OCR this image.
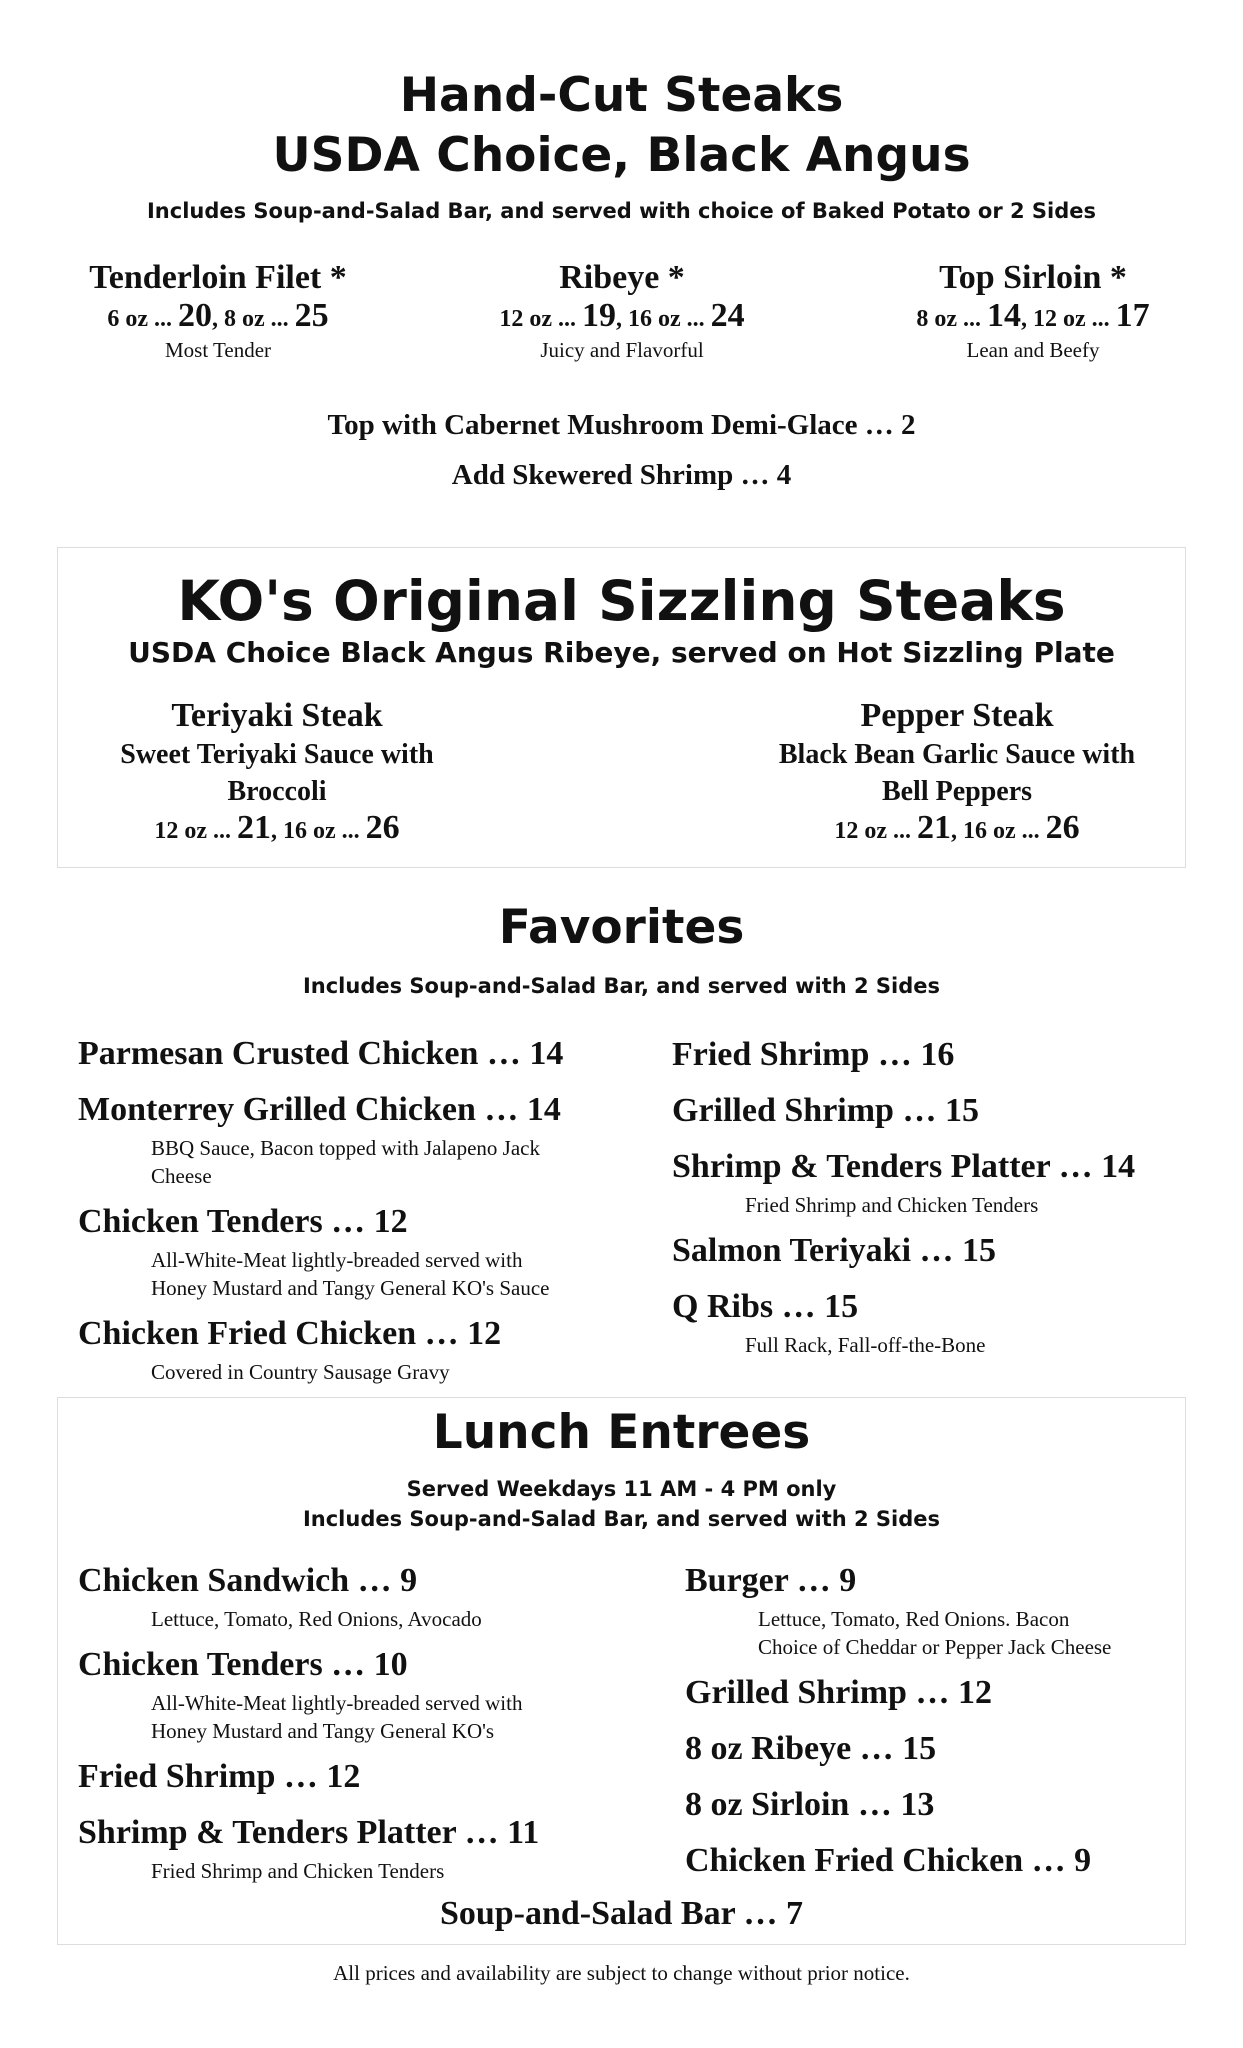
Hand-Cut Steaks
USDA Choice, Black Angus
Includes Soup-and-Salad Bar, and served with choice of Baked Potato or 2 Sides
Tenderloin Filet *
6 oz ... 20, 8 oz ... 25
Most Tender
Ribeye *
12 oz ... 19, 16 oz ... 24
Juicy and Flavorful
Top Sirloin *
8 oz ... 14, 12 oz ... 17
Lean and Beefy
Top with Cabernet Mushroom Demi-Glace … 2
Add Skewered Shrimp … 4
KO's Original Sizzling Steaks
USDA Choice Black Angus Ribeye, served on Hot Sizzling Plate
Teriyaki Steak
Sweet Teriyaki Sauce with
Broccoli
12 oz ... 21, 16 oz ... 26
Pepper Steak
Black Bean Garlic Sauce with
Bell Peppers
12 oz ... 21, 16 oz ... 26
Favorites
Includes Soup-and-Salad Bar, and served with 2 Sides
Parmesan Crusted Chicken … 14
Monterrey Grilled Chicken … 14
BBQ Sauce, Bacon topped with Jalapeno Jack
Cheese
Chicken Tenders … 12
All-White-Meat lightly-breaded served with
Honey Mustard and Tangy General KO's Sauce
Chicken Fried Chicken … 12
Covered in Country Sausage Gravy
Fried Shrimp … 16
Grilled Shrimp … 15
Shrimp & Tenders Platter … 14
Fried Shrimp and Chicken Tenders
Salmon Teriyaki … 15
Q Ribs … 15
Full Rack, Fall-off-the-Bone
Lunch Entrees
Served Weekdays 11 AM - 4 PM only
Includes Soup-and-Salad Bar, and served with 2 Sides
Chicken Sandwich … 9
Lettuce, Tomato, Red Onions, Avocado
Chicken Tenders … 10
All-White-Meat lightly-breaded served with
Honey Mustard and Tangy General KO's
Fried Shrimp … 12
Shrimp & Tenders Platter … 11
Fried Shrimp and Chicken Tenders
Burger … 9
Lettuce, Tomato, Red Onions. Bacon
Choice of Cheddar or Pepper Jack Cheese
Grilled Shrimp … 12
8 oz Ribeye … 15
8 oz Sirloin … 13
Chicken Fried Chicken … 9
Soup-and-Salad Bar … 7
All prices and availability are subject to change without prior notice.
